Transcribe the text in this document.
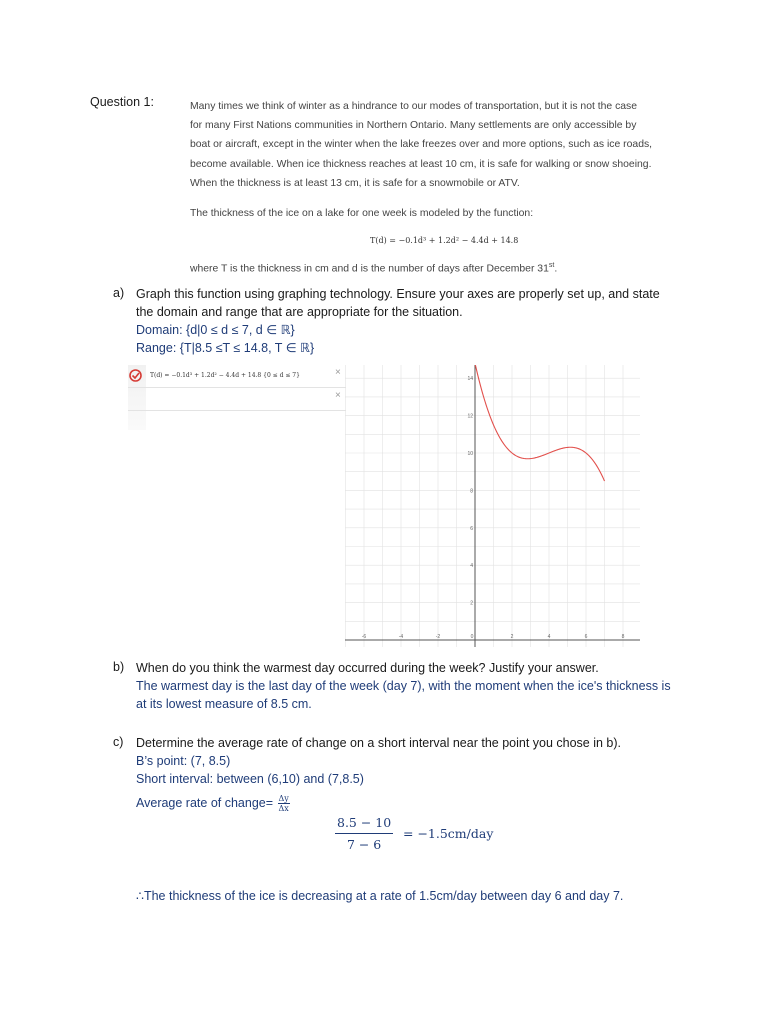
Question 1:	Many times we think of winter as a hindrance to our modes of transportation, but it is not the case

for many First Nations communities in Northern Ontario. Many settlements are only accessible by

boat or aircraft, except in the winter when the lake freezes over and more options, such as ice roads,

become available. When ice thickness reaches at least 10 cm, it is safe for walking or snow shoeing.

When the thickness is at least 13 cm, it is safe for a snowmobile or ATV.

The thickness of the ice on a lake for one week is modeled by the function:
T(d) = −0.1d³ + 1.2d² − 4.4d + 14.8
where T is the thickness in cm and d is the number of days after December 31st.
a) Graph this function using graphing technology. Ensure your axes are properly set up, and state
the domain and range that are appropriate for the situation.
Domain: {d|0 ≤ d ≤ 7, d ∈ ℝ}
Range: {T|8.5 ≤T ≤ 14.8, T ∈ ℝ}
T(d) = −0.1d³ + 1.2d² − 4.4d + 14.8 {0 ≤ d ≤ 7}	×
×
-6	-4	-2	0	2	4	6	8
14
12
10
8
6
4
2
b) When do you think the warmest day occurred during the week? Justify your answer.
The warmest day is the last day of the week (day 7), with the moment when the ice's thickness is
at its lowest measure of 8.5 cm.
c) Determine the average rate of change on a short interval near the point you chose in b).
B’s point: (7, 8.5)
Short interval: between (6,10) and (7,8.5)
Average rate of change= $\frac{\Delta y}{\Delta x}$
$\frac{8.5 - 10}{7 - 6} = -1.5cm/day$
∴The thickness of the ice is decreasing at a rate of 1.5cm/day between day 6 and day 7.
